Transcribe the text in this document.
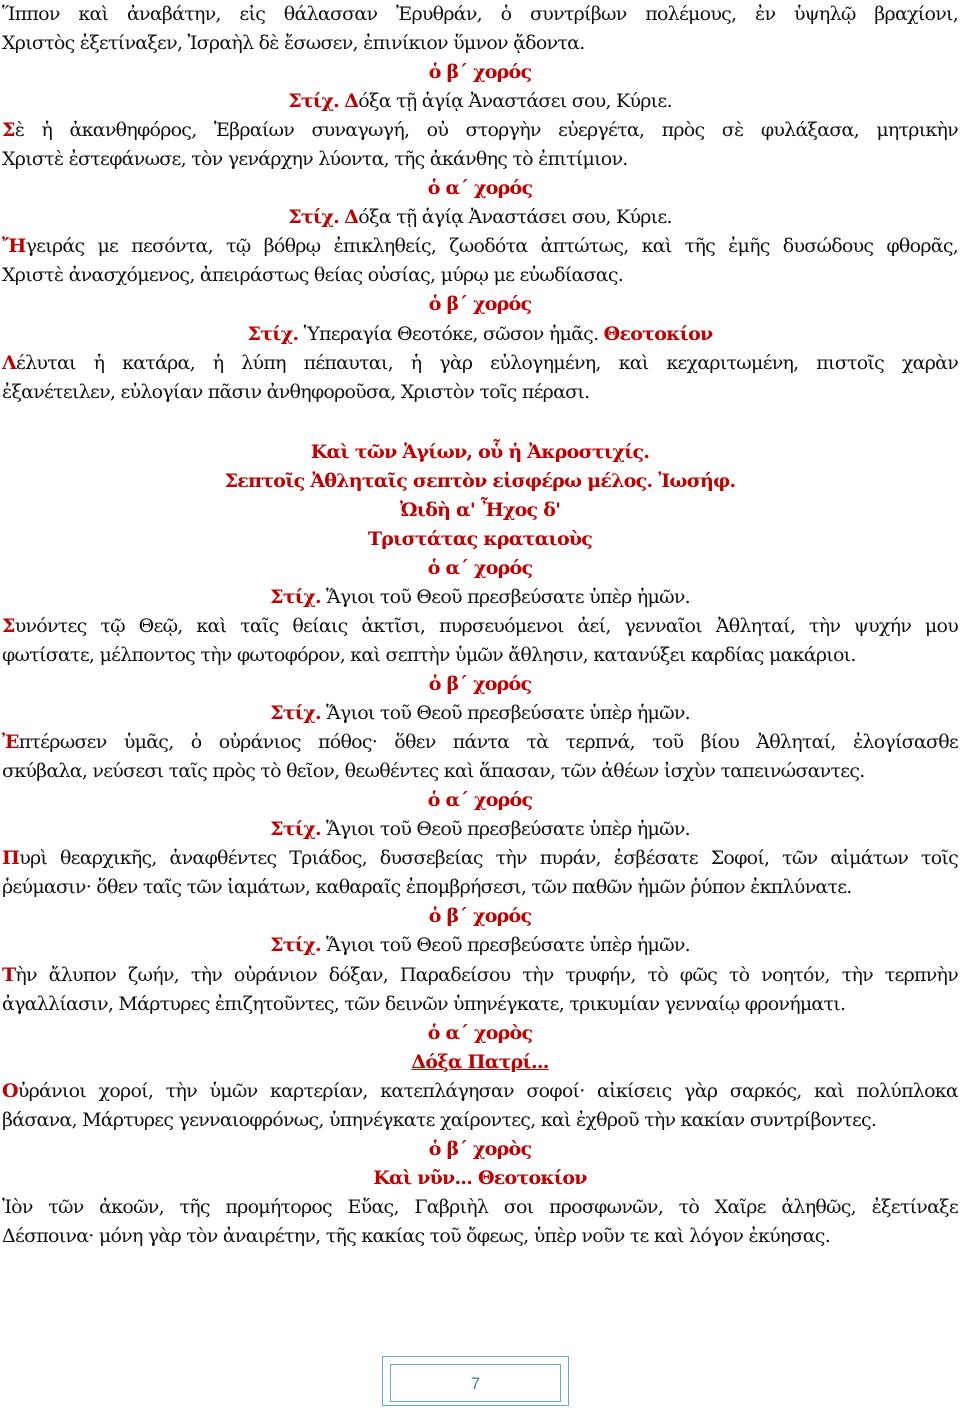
Ἵππον καὶ ἀναβάτην, εἰς θάλασσαν Ἐρυθράν, ὁ συντρίβων πολέμους, ἐν ὑψηλῷ βραχίονι,

Χριστὸς ἐξετίναξεν, Ἰσραὴλ δὲ ἔσωσεν, ἐπινίκιον ὕμνον ᾄδοντα.

ὁ β΄ χορός

Στίχ. Δόξα τῇ ἁγίᾳ Ἀναστάσει σου, Κύριε.

Σὲ ἡ ἀκανθηφόρος, Ἑβραίων συναγωγή, οὐ στοργὴν εὐεργέτα, πρὸς σὲ φυλάξασα, μητρικὴν

Χριστὲ ἐστεφάνωσε, τὸν γενάρχην λύοντα, τῆς ἀκάνθης τὸ ἐπιτίμιον.

ὁ α΄ χορός

Στίχ. Δόξα τῇ ἁγίᾳ Ἀναστάσει σου, Κύριε.

Ἤγειράς με πεσόντα, τῷ βόθρῳ ἐπικληθείς, ζωοδότα ἀπτώτως, καὶ τῆς ἐμῆς δυσώδους φθορᾶς,

Χριστὲ ἀνασχόμενος, ἀπειράστως θείας οὐσίας, μύρῳ με εὐωδίασας.

ὁ β΄ χορός

Στίχ. Ὑπεραγία Θεοτόκε, σῶσον ἡμᾶς. Θεοτοκίον

Λέλυται ἡ κατάρα, ἡ λύπη πέπαυται, ἡ γὰρ εὐλογημένη, καὶ κεχαριτωμένη, πιστοῖς χαρὰν

ἐξανέτειλεν, εὐλογίαν πᾶσιν ἀνθηφοροῦσα, Χριστὸν τοῖς πέρασι.

Καὶ τῶν Ἁγίων, οὗ ἡ Ἀκροστιχίς.

Σεπτοῖς Ἀθληταῖς σεπτὸν εἰσφέρω μέλος. Ἰωσήφ.

Ὠιδὴ α' Ἦχος δ'

Τριστάτας κραταιοὺς

ὁ α΄ χορός

Στίχ. Ἅγιοι τοῦ Θεοῦ πρεσβεύσατε ὑπὲρ ἡμῶν.

Συνόντες τῷ Θεῷ, καὶ ταῖς θείαις ἀκτῖσι, πυρσευόμενοι ἀεί, γενναῖοι Ἀθληταί, τὴν ψυχήν μου

φωτίσατε, μέλποντος τὴν φωτοφόρον, καὶ σεπτὴν ὑμῶν ἄθλησιν, κατανύξει καρδίας μακάριοι.

ὁ β΄ χορός

Στίχ. Ἅγιοι τοῦ Θεοῦ πρεσβεύσατε ὑπὲρ ἡμῶν.

Ἐπτέρωσεν ὑμᾶς, ὁ οὐράνιος πόθος· ὅθεν πάντα τὰ τερπνά, τοῦ βίου Ἀθληταί, ἐλογίσασθε

σκύβαλα, νεύσεσι ταῖς πρὸς τὸ θεῖον, θεωθέντες καὶ ἅπασαν, τῶν ἀθέων ἰσχὺν ταπεινώσαντες.

ὁ α΄ χορός

Στίχ. Ἅγιοι τοῦ Θεοῦ πρεσβεύσατε ὑπὲρ ἡμῶν.

Πυρὶ θεαρχικῆς, ἀναφθέντες Τριάδος, δυσσεβείας τὴν πυράν, ἐσβέσατε Σοφοί, τῶν αἱμάτων τοῖς

ῥεύμασιν· ὅθεν ταῖς τῶν ἰαμάτων, καθαραῖς ἐπομβρήσεσι, τῶν παθῶν ἡμῶν ῥύπον ἐκπλύνατε.

ὁ β΄ χορός

Στίχ. Ἅγιοι τοῦ Θεοῦ πρεσβεύσατε ὑπὲρ ἡμῶν.

Τὴν ἄλυπον ζωήν, τὴν οὐράνιον δόξαν, Παραδείσου τὴν τρυφήν, τὸ φῶς τὸ νοητόν, τὴν τερπνὴν

ἀγαλλίασιν, Μάρτυρες ἐπιζητοῦντες, τῶν δεινῶν ὑπηνέγκατε, τρικυμίαν γενναίῳ φρονήματι.

ὁ α΄ χορὸς

Δόξα Πατρί...

Οὐράνιοι χοροί, τὴν ὑμῶν καρτερίαν, κατεπλάγησαν σοφοί· αἰκίσεις γὰρ σαρκός, καὶ πολύπλοκα

βάσανα, Μάρτυρες γενναιοφρόνως, ὑπηνέγκατε χαίροντες, καὶ ἐχθροῦ τὴν κακίαν συντρίβοντες.

ὁ β΄ χορὸς

Καὶ νῦν... Θεοτοκίον

Ἰὸν τῶν ἀκοῶν, τῆς προμήτορος Εὔας, Γαβριὴλ σοι προσφωνῶν, τὸ Χαῖρε ἀληθῶς, ἐξετίναξε

Δέσποινα· μόνη γὰρ τὸν ἀναιρέτην, τῆς κακίας τοῦ ὄφεως, ὑπὲρ νοῦν τε καὶ λόγον ἐκύησας.

7
